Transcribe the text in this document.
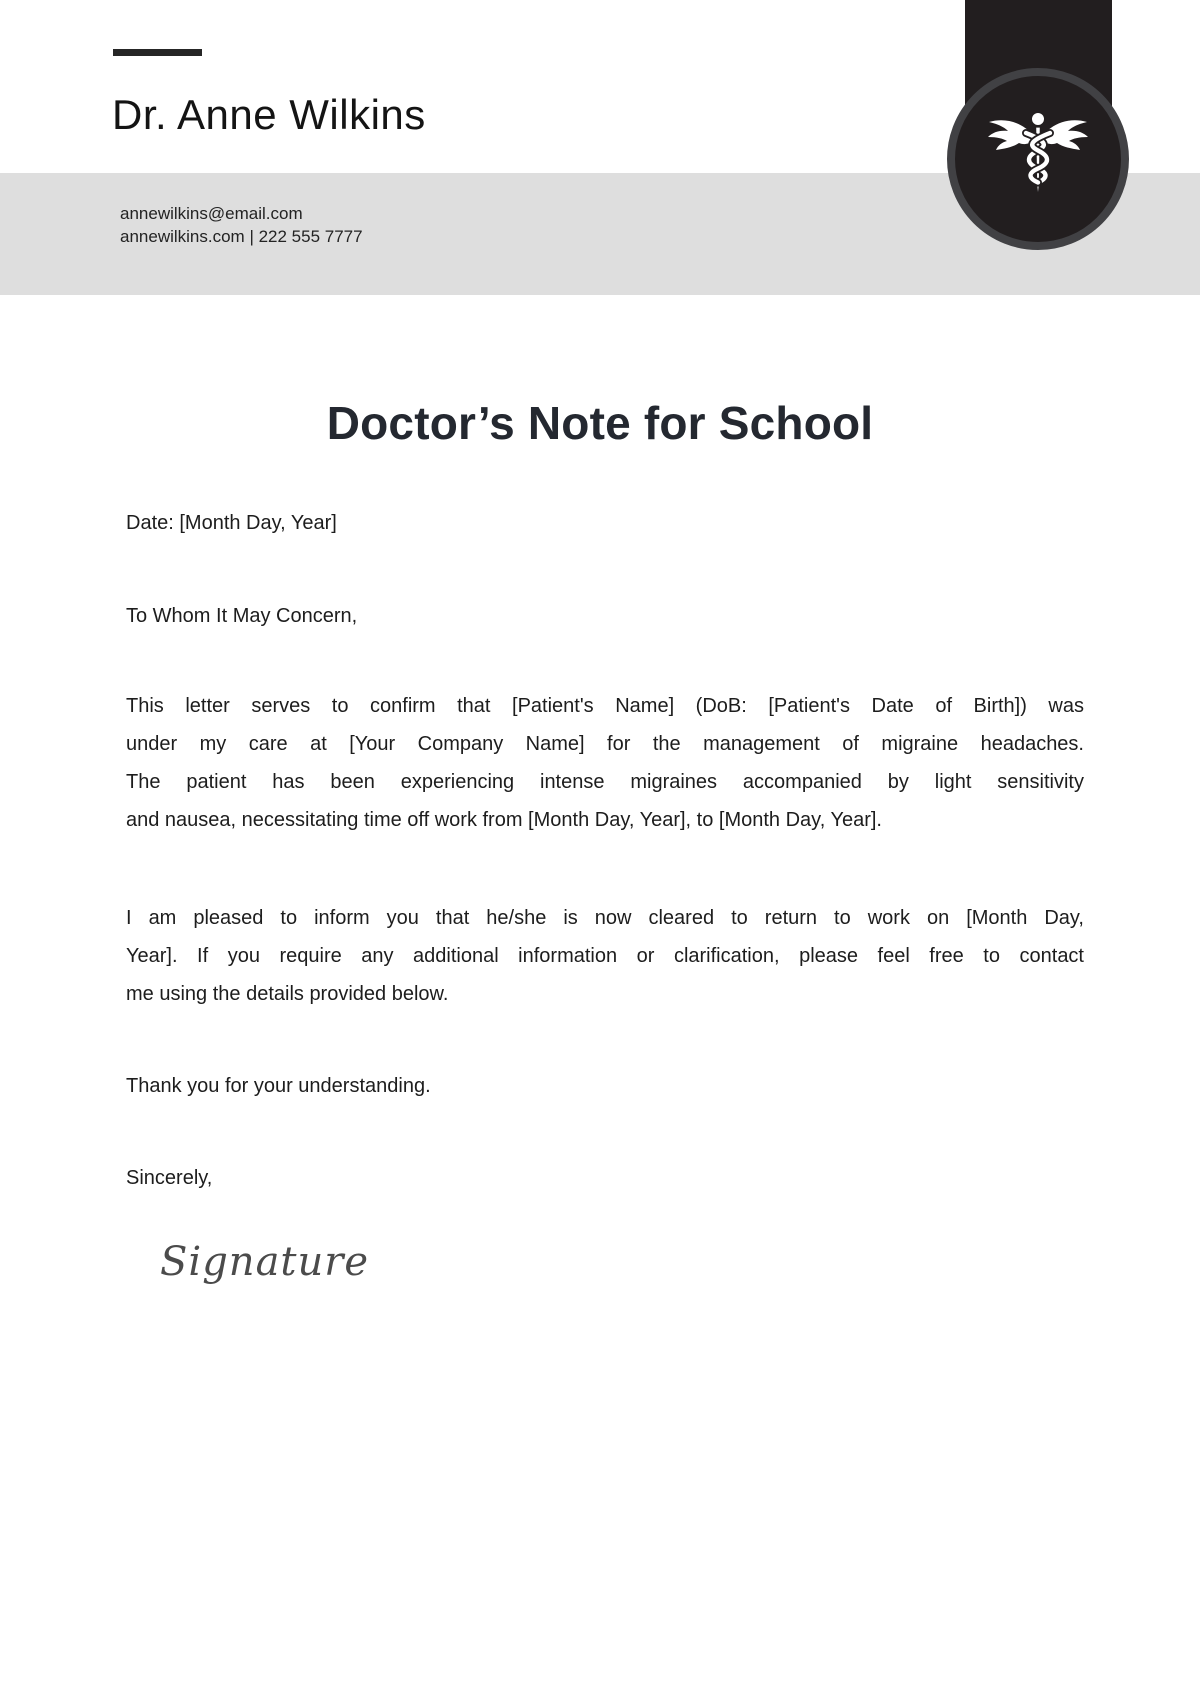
Dr. Anne Wilkins
annewilkins@email.com
annewilkins.com | 222 555 7777
Doctor’s Note for School
Date: [Month Day, Year]
To Whom It May Concern,
This letter serves to confirm that [Patient's Name] (DoB: [Patient's Date of Birth]) was
under my care at [Your Company Name] for the management of migraine headaches.
The patient has been experiencing intense migraines accompanied by light sensitivity
and nausea, necessitating time off work from [Month Day, Year], to [Month Day, Year].
I am pleased to inform you that he/she is now cleared to return to work on [Month Day,
Year]. If you require any additional information or clarification, please feel free to contact
me using the details provided below.
Thank you for your understanding.
Sincerely,
Signature
